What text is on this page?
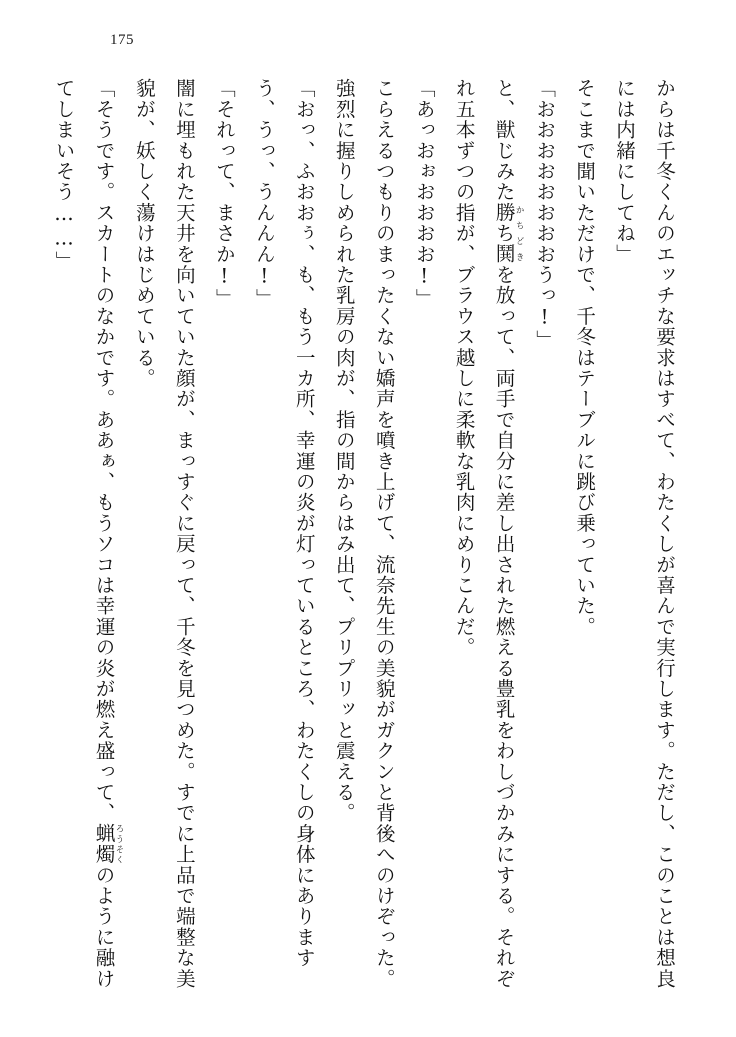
175

からは千冬くんのエッチな要求はすべて、わたくしが喜んで実行します。ただし、このことは想良には内緒にしてね」

そこまで聞いただけで、千冬はテーブルに跳び乗っていた。

「おおおおおおおおうっ!」

と、獣じみた勝ち鬨かちどきを放って、両手で自分に差し出された燃える豊乳をわしづかみにする。それぞれ五本ずつの指が、ブラウス越しに柔軟な乳肉にめりこんだ。

「あっおぉおおおお!」

こらえるつもりのまったくない嬌声を噴き上げて、流奈先生の美貌がガクンと背後へのけぞった。強烈に握りしめられた乳房の肉が、指の間からはみ出て、プリプリッと震える。

「おっ、ふおおぅ、も、もう一カ所、幸運の炎が灯っているところ、わたくしの身体にありますう、うっ、うんんん!」

「それって、まさか!」

闇に埋もれた天井を向いていた顔が、まっすぐに戻って、千冬を見つめた。すでに上品で端整な美貌が、妖しく蕩けはじめている。

「そうです。スカートのなかです。ああぁ、もうソコは幸運の炎が燃え盛って、蝋燭ろうそくのように融けてしまいそう……」
